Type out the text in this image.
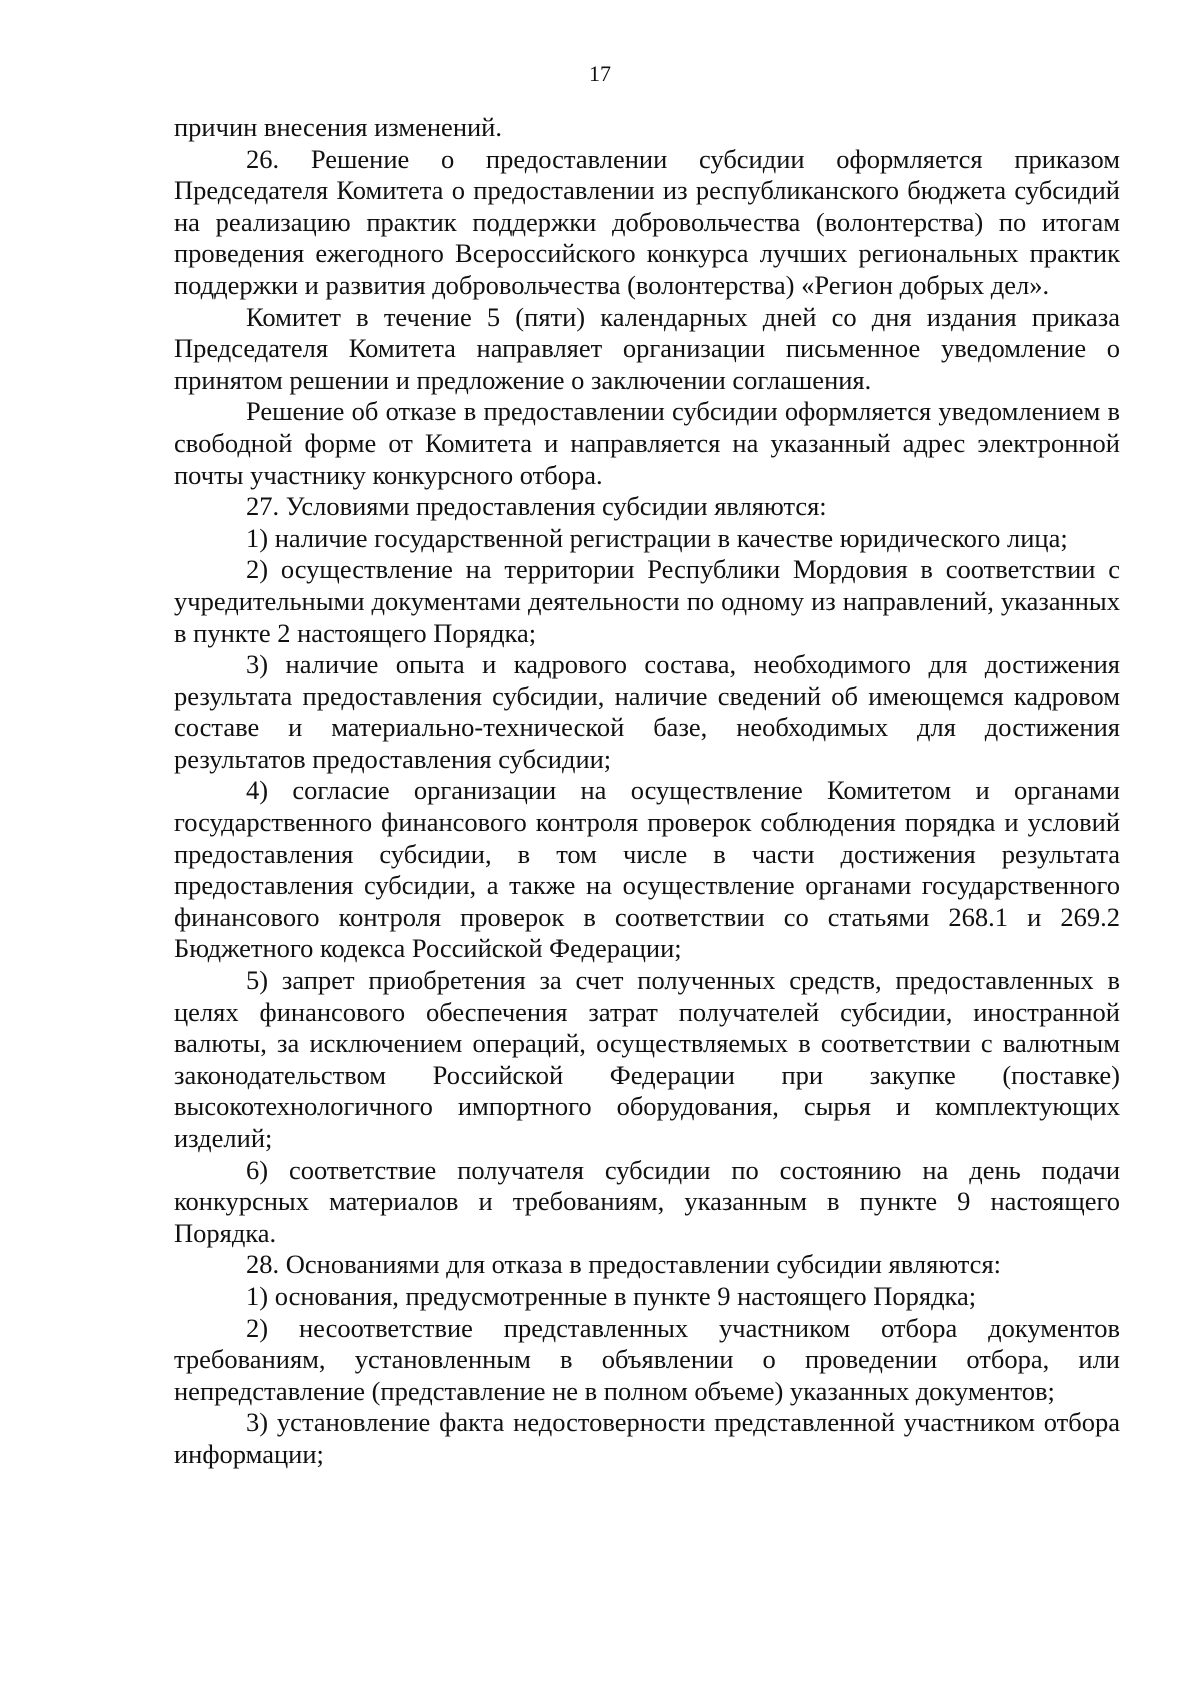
17

причин внесения изменений.

26. Решение о предоставлении субсидии оформляется приказом Председателя Комитета о предоставлении из республиканского бюджета субсидий на реализацию практик поддержки добровольчества (волонтерства) по итогам проведения ежегодного Всероссийского конкурса лучших региональных практик поддержки и развития добровольчества (волонтерства) «Регион добрых дел».

Комитет в течение 5 (пяти) календарных дней со дня издания приказа Председателя Комитета направляет организации письменное уведомление о принятом решении и предложение о заключении соглашения.

Решение об отказе в предоставлении субсидии оформляется уведомлением в свободной форме от Комитета и направляется на указанный адрес электронной почты участнику конкурсного отбора.

27. Условиями предоставления субсидии являются:

1) наличие государственной регистрации в качестве юридического лица;

2) осуществление на территории Республики Мордовия в соответствии с учредительными документами деятельности по одному из направлений, указанных в пункте 2 настоящего Порядка;

3) наличие опыта и кадрового состава, необходимого для достижения результата предоставления субсидии, наличие сведений об имеющемся кадровом составе и материально-технической базе, необходимых для достижения результатов предоставления субсидии;

4) согласие организации на осуществление Комитетом и органами государственного финансового контроля проверок соблюдения порядка и условий предоставления субсидии, в том числе в части достижения результата предоставления субсидии, а также на осуществление органами государственного финансового контроля проверок в соответствии со статьями 268.1 и 269.2 Бюджетного кодекса Российской Федерации;

5) запрет приобретения за счет полученных средств, предоставленных в целях финансового обеспечения затрат получателей субсидии, иностранной валюты, за исключением операций, осуществляемых в соответствии с валютным законодательством Российской Федерации при закупке (поставке) высокотехнологичного импортного оборудования, сырья и комплектующих изделий;

6) соответствие получателя субсидии по состоянию на день подачи конкурсных материалов и требованиям, указанным в пункте 9 настоящего Порядка.

28. Основаниями для отказа в предоставлении субсидии являются:

1) основания, предусмотренные в пункте 9 настоящего Порядка;

2) несоответствие представленных участником отбора документов требованиям, установленным в объявлении о проведении отбора, или непредставление (представление не в полном объеме) указанных документов;

3) установление факта недостоверности представленной участником отбора информации;
